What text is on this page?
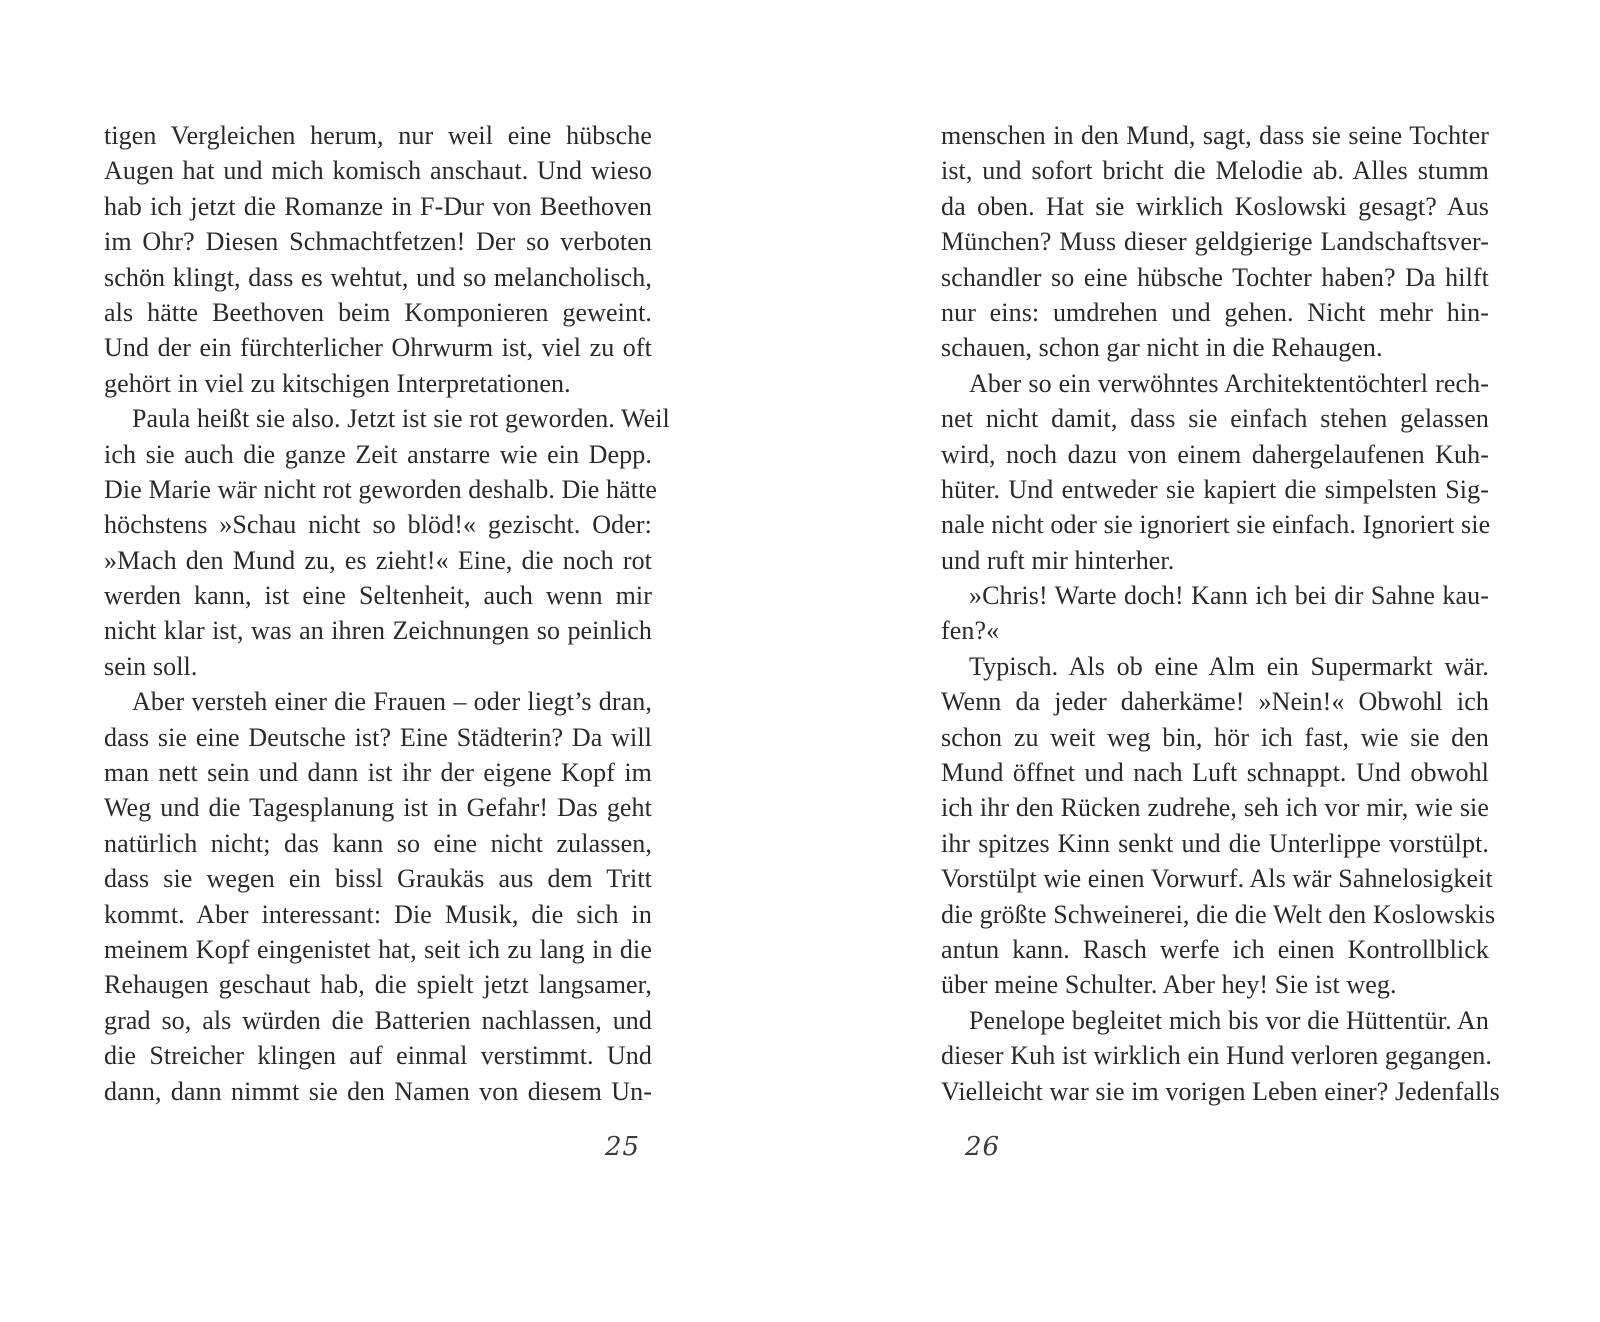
tigen Vergleichen herum, nur weil eine hübsche
Augen hat und mich komisch anschaut. Und wieso
hab ich jetzt die Romanze in F-Dur von Beethoven
im Ohr? Diesen Schmachtfetzen! Der so verboten
schön klingt, dass es wehtut, und so melancholisch,
als hätte Beethoven beim Komponieren geweint.
Und der ein fürchterlicher Ohrwurm ist, viel zu oft
gehört in viel zu kitschigen Interpretationen.
Paula heißt sie also. Jetzt ist sie rot geworden. Weil
ich sie auch die ganze Zeit anstarre wie ein Depp.
Die Marie wär nicht rot geworden deshalb. Die hätte
höchstens »Schau nicht so blöd!« gezischt. Oder:
»Mach den Mund zu, es zieht!« Eine, die noch rot
werden kann, ist eine Seltenheit, auch wenn mir
nicht klar ist, was an ihren Zeichnungen so peinlich
sein soll.
Aber versteh einer die Frauen – oder liegt’s dran,
dass sie eine Deutsche ist? Eine Städterin? Da will
man nett sein und dann ist ihr der eigene Kopf im
Weg und die Tagesplanung ist in Gefahr! Das geht
natürlich nicht; das kann so eine nicht zulassen,
dass sie wegen ein bissl Graukäs aus dem Tritt
kommt. Aber interessant: Die Musik, die sich in
meinem Kopf eingenistet hat, seit ich zu lang in die
Rehaugen geschaut hab, die spielt jetzt langsamer,
grad so, als würden die Batterien nachlassen, und
die Streicher klingen auf einmal verstimmt. Und
dann, dann nimmt sie den Namen von diesem Un-
25
menschen in den Mund, sagt, dass sie seine Tochter
ist, und sofort bricht die Melodie ab. Alles stumm
da oben. Hat sie wirklich Koslowski gesagt? Aus
München? Muss dieser geldgierige Landschaftsver-
schandler so eine hübsche Tochter haben? Da hilft
nur eins: umdrehen und gehen. Nicht mehr hin-
schauen, schon gar nicht in die Rehaugen.
Aber so ein verwöhntes Architektentöchterl rech-
net nicht damit, dass sie einfach stehen gelassen
wird, noch dazu von einem dahergelaufenen Kuh-
hüter. Und entweder sie kapiert die simpelsten Sig-
nale nicht oder sie ignoriert sie einfach. Ignoriert sie
und ruft mir hinterher.
»Chris! Warte doch! Kann ich bei dir Sahne kau-
fen?«
Typisch. Als ob eine Alm ein Supermarkt wär.
Wenn da jeder daherkäme! »Nein!« Obwohl ich
schon zu weit weg bin, hör ich fast, wie sie den
Mund öffnet und nach Luft schnappt. Und obwohl
ich ihr den Rücken zudrehe, seh ich vor mir, wie sie
ihr spitzes Kinn senkt und die Unterlippe vorstülpt.
Vorstülpt wie einen Vorwurf. Als wär Sahnelosigkeit
die größte Schweinerei, die die Welt den Koslowskis
antun kann. Rasch werfe ich einen Kontrollblick
über meine Schulter. Aber hey! Sie ist weg.
Penelope begleitet mich bis vor die Hüttentür. An
dieser Kuh ist wirklich ein Hund verloren gegangen.
Vielleicht war sie im vorigen Leben einer? Jedenfalls
26
